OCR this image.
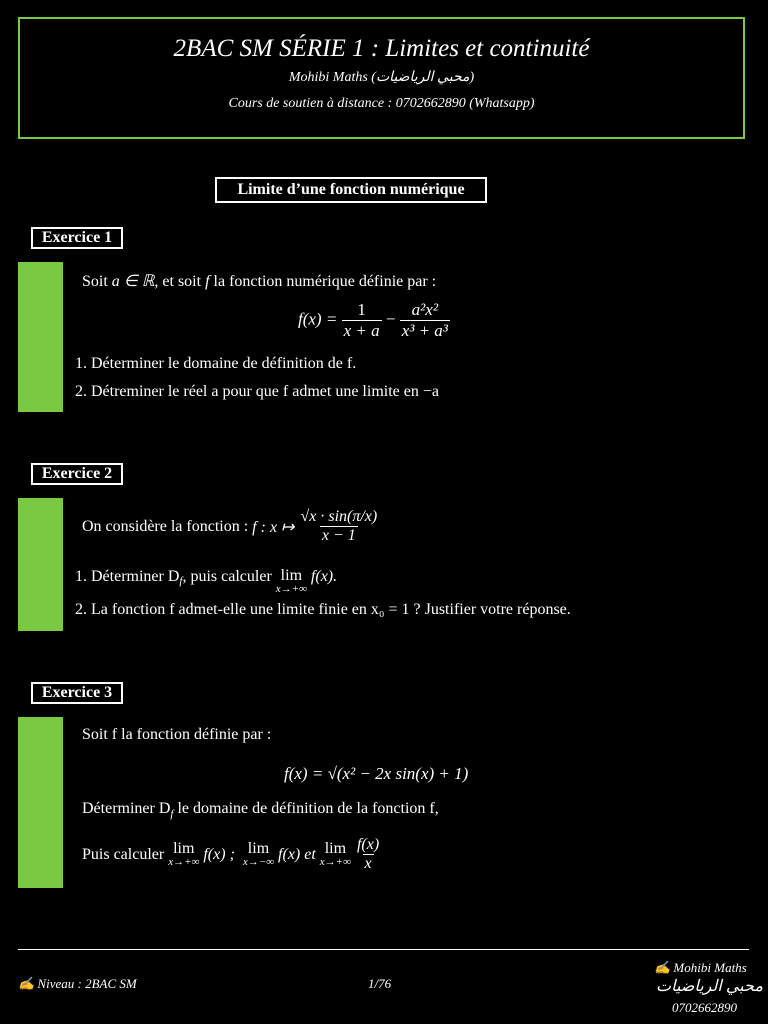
2BAC SM SÉRIE 1 : Limites et continuité
Mohibi Maths (محبي الرياضيات)
Cours de soutien à distance : 0702662890 (Whatsapp)
Limite d’une fonction numérique
Exercice 1
Soit a ∈ ℝ, et soit f la fonction numérique définie par :
$f(x) = \frac{1}{x + a} - \frac{\text{a²x²}}{\text{x³ + a³}}$
1. Déterminer le domaine de définition de f.
2. Détreminer le réel a pour que f admet une limite en −a
Exercice 2
On considère la fonction :
f : x ↦
$\frac{√x \cdot \sin(\pi/x)}{x - 1}$
1. Déterminer $D_f$ , puis calculer
lim
x→+∞

f(x).
2. La fonction f admet-elle une limite finie en x₀ = 1 ? Justifier votre réponse.
Exercice 3
Soit f la fonction définie par :
f(x) = √(x² − 2x sin(x) + 1)
Déterminer $D_f$ le domaine de définition de la fonction f,
Puis calculer
lim
x→+∞
f(x) ;
lim
x→−∞
f(x) et
lim
x→+∞
$\frac{f(x)}{x}$
✍ Niveau : 2BAC SM	1/76
✍ Mohibi Maths
محبي الرياضيات
0702662890
